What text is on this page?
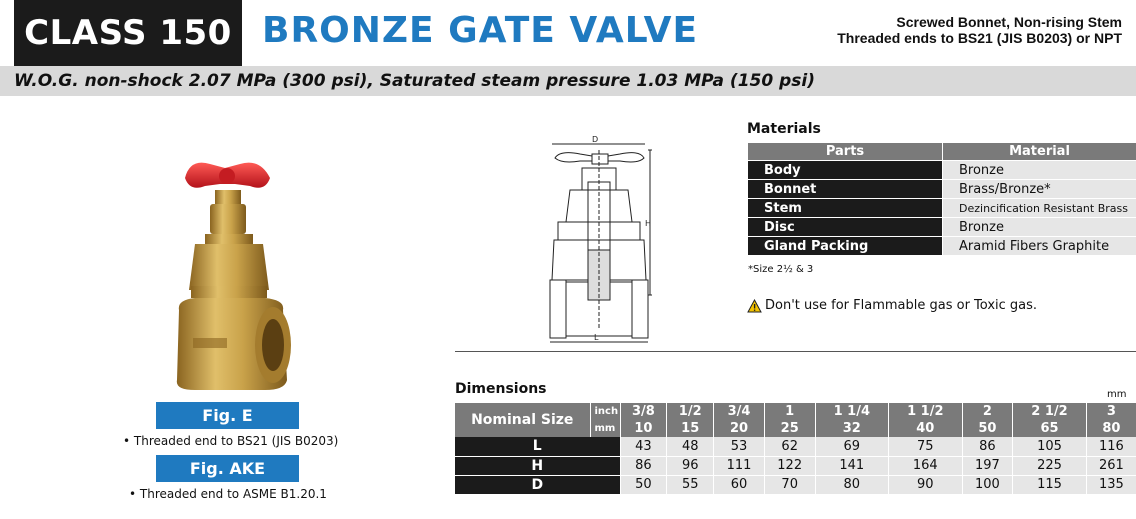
CLASS 150 BRONZE GATE VALVE	Screwed Bonnet, Non-rising Stem
Threaded ends to BS21 (JIS B0203) or NPT
W.O.G. non-shock 2.07 MPa (300 psi), Saturated steam pressure 1.03 MPa (150 psi)
Fig. E
• Threaded end to BS21 (JIS B0203)
Fig. AKE
• Threaded end to ASME B1.20.1
D
H
L
Materials
Parts	Material
Body	Bronze
Bonnet	Brass/Bronze*
Stem	Dezincification Resistant Brass
Disc	Bronze
Gland Packing	Aramid Fibers Graphite
*Size 2½ & 3
Don't use for Flammable gas or Toxic gas.
Dimensions	mm
Nominal Size	inch	3/8	1/2	3/4	1	1 1/4	1 1/2	2	2 1/2	3
	mm	10	15	20	25	32	40	50	65	80
L		43	48	53	62	69	75	86	105	116
H		86	96	111	122	141	164	197	225	261
D		50	55	60	70	80	90	100	115	135
